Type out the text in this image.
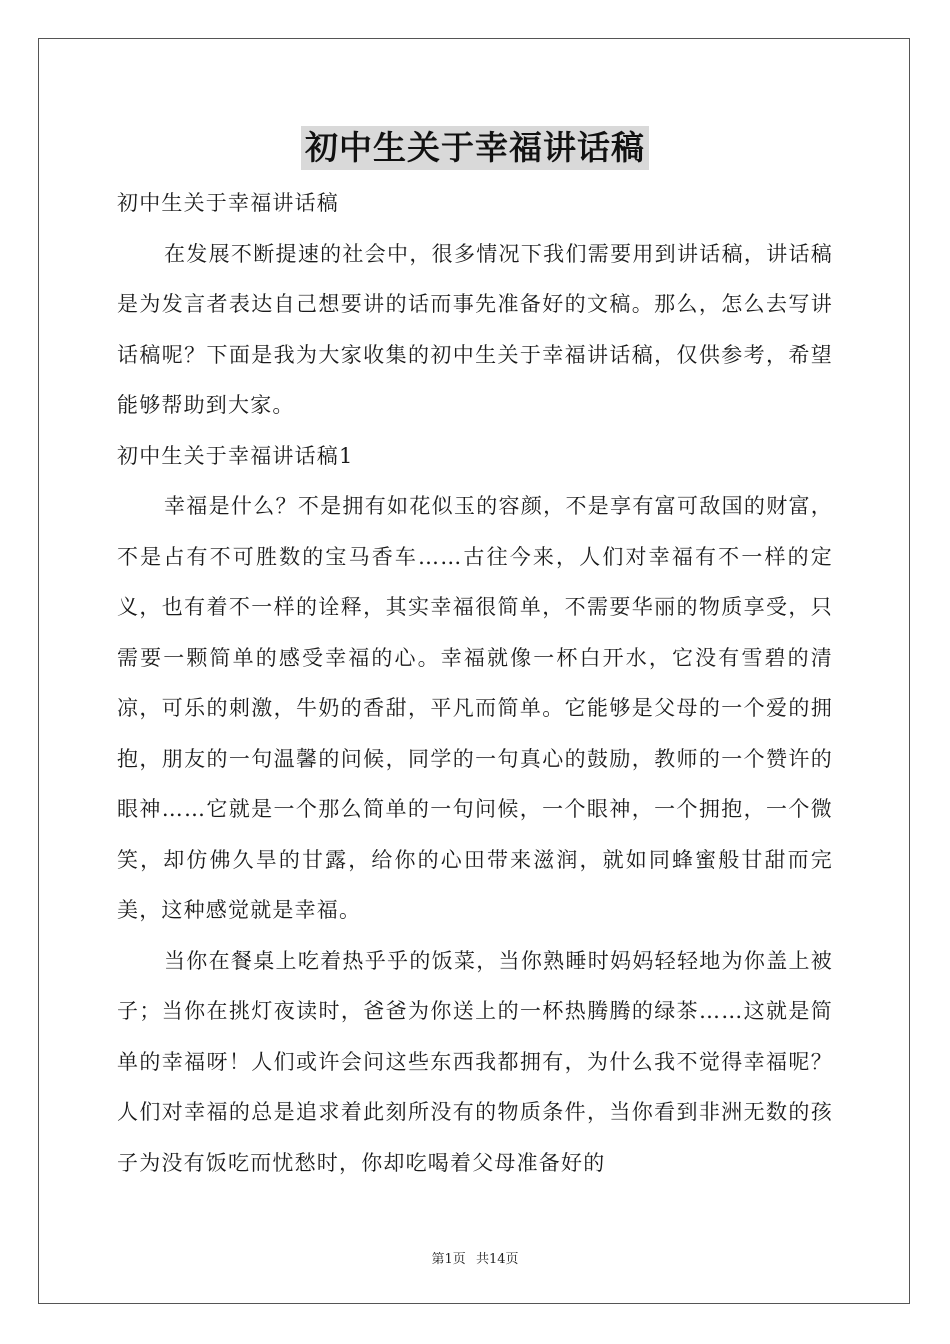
初中生关于幸福讲话稿

初中生关于幸福讲话稿

在发展不断提速的社会中，很多情况下我们需要用到讲话稿，讲话稿是为发言者表达自己想要讲的话而事先准备好的文稿。那么，怎么去写讲话稿呢？下面是我为大家收集的初中生关于幸福讲话稿，仅供参考，希望能够帮助到大家。

初中生关于幸福讲话稿1

幸福是什么？不是拥有如花似玉的容颜，不是享有富可敌国的财富，不是占有不可胜数的宝马香车……古往今来，人们对幸福有不一样的定义，也有着不一样的诠释，其实幸福很简单，不需要华丽的物质享受，只需要一颗简单的感受幸福的心。幸福就像一杯白开水，它没有雪碧的清凉，可乐的刺激，牛奶的香甜，平凡而简单。它能够是父母的一个爱的拥抱，朋友的一句温馨的问候，同学的一句真心的鼓励，教师的一个赞许的眼神……它就是一个那么简单的一句问候，一个眼神，一个拥抱，一个微笑，却仿佛久旱的甘露，给你的心田带来滋润，就如同蜂蜜般甘甜而完美，这种感觉就是幸福。

当你在餐桌上吃着热乎乎的饭菜，当你熟睡时妈妈轻轻地为你盖上被子；当你在挑灯夜读时，爸爸为你送上的一杯热腾腾的绿茶……这就是简单的幸福呀！人们或许会问这些东西我都拥有，为什么我不觉得幸福呢？人们对幸福的总是追求着此刻所没有的物质条件，当你看到非洲无数的孩子为没有饭吃而忧愁时，你却吃喝着父母准备好的

第1页 共14页
